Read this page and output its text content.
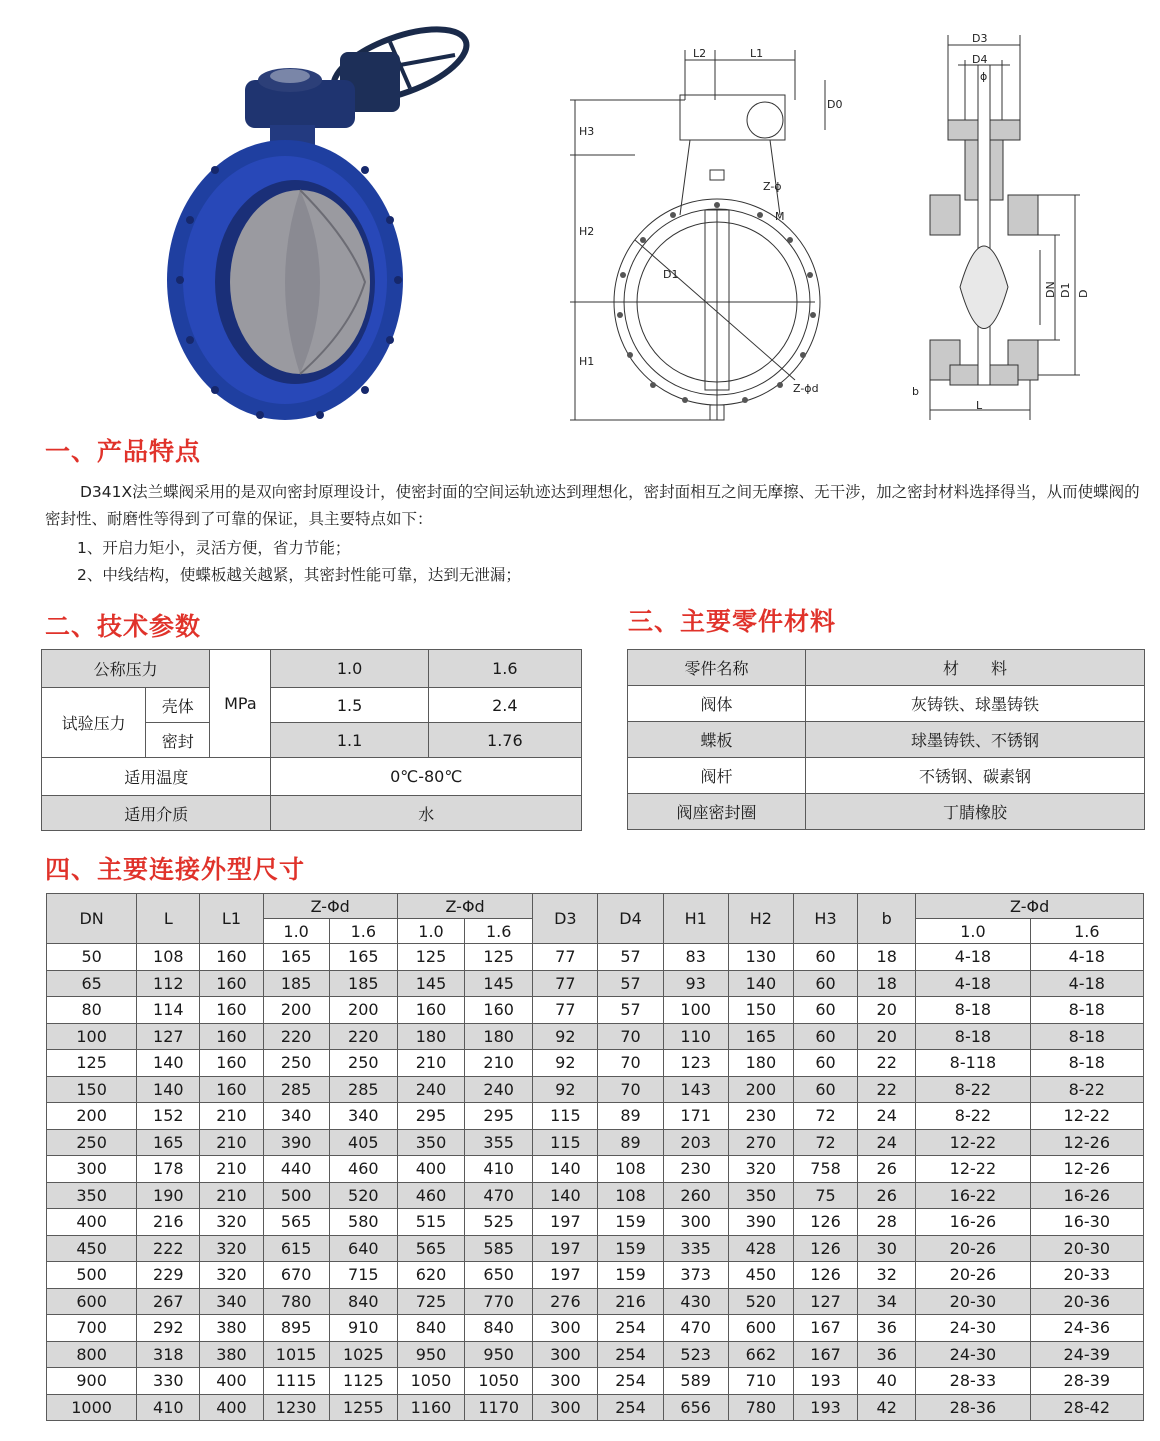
L2	L1
D0
H3
H2
H1
Z-ϕ
M
D1
Z-ϕd
D3
D4
ϕ
DN D1 D
b
L
一、产品特点
D341X法兰蝶阀采用的是双向密封原理设计，使密封面的空间运轨迹达到理想化，密封面相互之间无摩擦、无干涉，加之密封材料选择得当，从而使蝶阀的密封性、耐磨性等得到了可靠的保证，具主要特点如下：
1、开启力矩小，灵活方便，省力节能；
2、中线结构，使蝶板越关越紧，其密封性能可靠，达到无泄漏；
二、技术参数
公称压力		MPa	1.0	1.6
试验压力	壳体		1.5	2.4
	密封		1.1	1.76
适用温度			0℃-80℃	
适用介质			水	
三、主要零件材料
零件名称	材　　料
阀体	灰铸铁、球墨铸铁
蝶板	球墨铸铁、不锈钢
阀杆	不锈钢、碳素钢
阀座密封圈	丁腈橡胶
四、主要连接外型尺寸
DN	L	L1	Z-Φd		Z-Φd		D3	D4	H1	H2	H3	b	Z-Φd	
			1.0	1.6	1.0	1.6							1.0	1.6
50	108	160	165	165	125	125	77	57	83	130	60	18	4-18	4-18
65	112	160	185	185	145	145	77	57	93	140	60	18	4-18	4-18
80	114	160	200	200	160	160	77	57	100	150	60	20	8-18	8-18
100	127	160	220	220	180	180	92	70	110	165	60	20	8-18	8-18
125	140	160	250	250	210	210	92	70	123	180	60	22	8-118	8-18
150	140	160	285	285	240	240	92	70	143	200	60	22	8-22	8-22
200	152	210	340	340	295	295	115	89	171	230	72	24	8-22	12-22
250	165	210	390	405	350	355	115	89	203	270	72	24	12-22	12-26
300	178	210	440	460	400	410	140	108	230	320	758	26	12-22	12-26
350	190	210	500	520	460	470	140	108	260	350	75	26	16-22	16-26
400	216	320	565	580	515	525	197	159	300	390	126	28	16-26	16-30
450	222	320	615	640	565	585	197	159	335	428	126	30	20-26	20-30
500	229	320	670	715	620	650	197	159	373	450	126	32	20-26	20-33
600	267	340	780	840	725	770	276	216	430	520	127	34	20-30	20-36
700	292	380	895	910	840	840	300	254	470	600	167	36	24-30	24-36
800	318	380	1015	1025	950	950	300	254	523	662	167	36	24-30	24-39
900	330	400	1115	1125	1050	1050	300	254	589	710	193	40	28-33	28-39
1000	410	400	1230	1255	1160	1170	300	254	656	780	193	42	28-36	28-42
